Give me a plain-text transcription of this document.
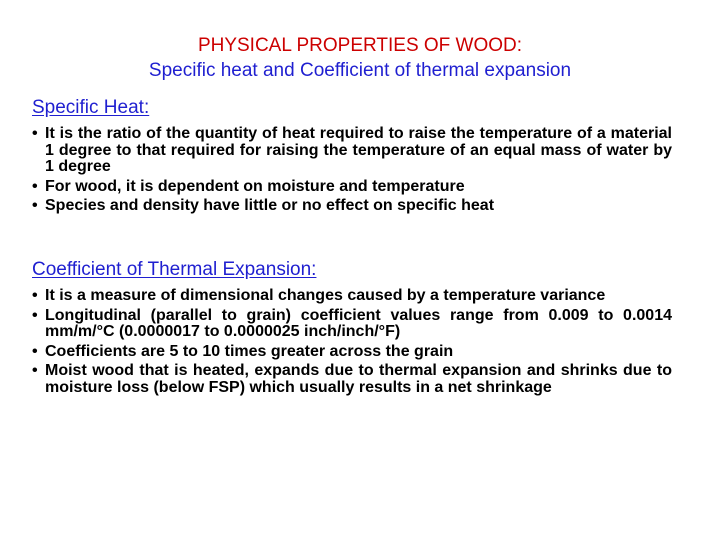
PHYSICAL PROPERTIES OF WOOD:
Specific heat and Coefficient of thermal expansion
Specific Heat:
• It is the ratio of the quantity of heat required to raise the temperature of a material 1 degree to that required for raising the temperature of an equal mass of water by 1 degree
• For wood, it is dependent on moisture and temperature
• Species and density have little or no effect on specific heat
Coefficient of Thermal Expansion:
• It is a measure of dimensional changes caused by a temperature variance
• Longitudinal (parallel to grain) coefficient values range from 0.009 to 0.0014 mm/m/°C (0.0000017 to 0.0000025 inch/inch/°F)
• Coefficients are 5 to 10 times greater across the grain
• Moist wood that is heated, expands due to thermal expansion and shrinks due to moisture loss (below FSP) which usually results in a net shrinkage
